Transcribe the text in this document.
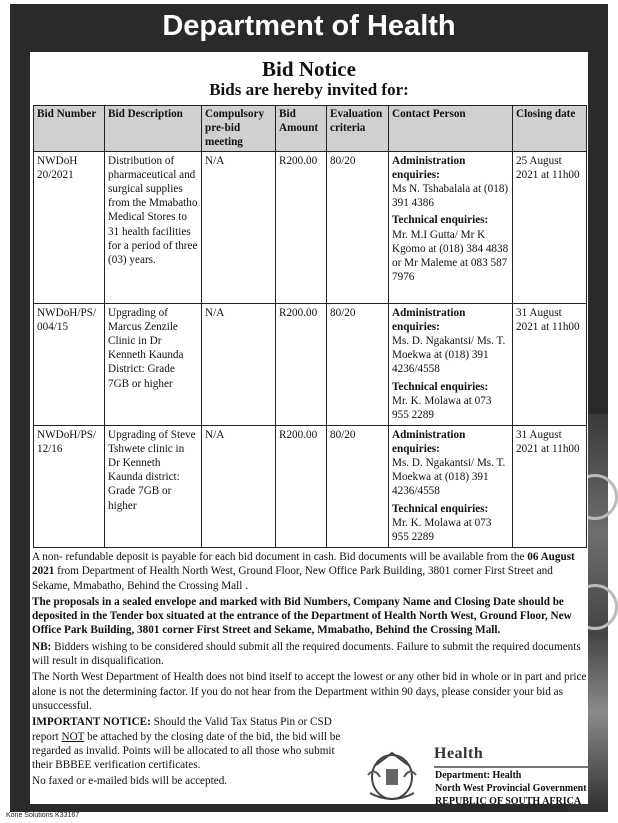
Department of Health
Bid Notice
Bids are hereby invited for:
Bid Number	Bid Description	Compulsory pre-bid meeting	Bid Amount	Evaluation criteria	Contact Person	Closing date
NWDoH 20/2021	Distribution of pharmaceutical and surgical supplies from the Mmabatho Medical Stores to 31 health facilities for a period of three (03) years.	N/A	R200.00	80/20	Administration enquiries:
Ms N. Tshabalala at (018) 391 4386
Technical enquiries:
Mr. M.I Gutta/ Mr K Kgomo at (018) 384 4838 or Mr Maleme at 083 587 7976	25 August 2021 at 11h00
NWDoH/PS/ 004/15	Upgrading of Marcus Zenzile Clinic in Dr Kenneth Kaunda District: Grade 7GB or higher	N/A	R200.00	80/20	Administration enquiries:
Ms. D. Ngakantsi/ Ms. T. Moekwa at (018) 391 4236/4558
Technical enquiries:
Mr. K. Molawa at 073 955 2289	31 August 2021 at 11h00
NWDoH/PS/ 12/16	Upgrading of Steve Tshwete clinic in Dr Kenneth Kaunda district: Grade 7GB or higher	N/A	R200.00	80/20	Administration enquiries:
Ms. D. Ngakantsi/ Ms. T. Moekwa at (018) 391 4236/4558
Technical enquiries:
Mr. K. Molawa at 073 955 2289	31 August 2021 at 11h00

A non- refundable deposit is payable for each bid document in cash. Bid documents will be available from the 06 August 2021 from Department of Health North West, Ground Floor, New Office Park Building, 3801 corner First Street and Sekame, Mmabatho, Behind the Crossing Mall .

The proposals in a sealed envelope and marked with Bid Numbers, Company Name and Closing Date should be deposited in the Tender box situated at the entrance of the Department of Health North West, Ground Floor, New Office Park Building, 3801 corner First Street and Sekame, Mmabatho, Behind the Crossing Mall.

NB: Bidders wishing to be considered should submit all the required documents. Failure to submit the required documents will result in disqualification.

The North West Department of Health does not bind itself to accept the lowest or any other bid in whole or in part and price alone is not the determining factor. If you do not hear from the Department within 90 days, please consider your bid as unsuccessful.

IMPORTANT NOTICE: Should the Valid Tax Status Pin or CSD report NOT be attached by the closing date of the bid, the bid will be regarded as invalid. Points will be allocated to all those who submit their BBBEE verification certificates.

No faxed or e-mailed bids will be accepted.

Health
Department: Health
North West Provincial Government
REPUBLIC OF SOUTH AFRICA
Kone Solutions K33167
